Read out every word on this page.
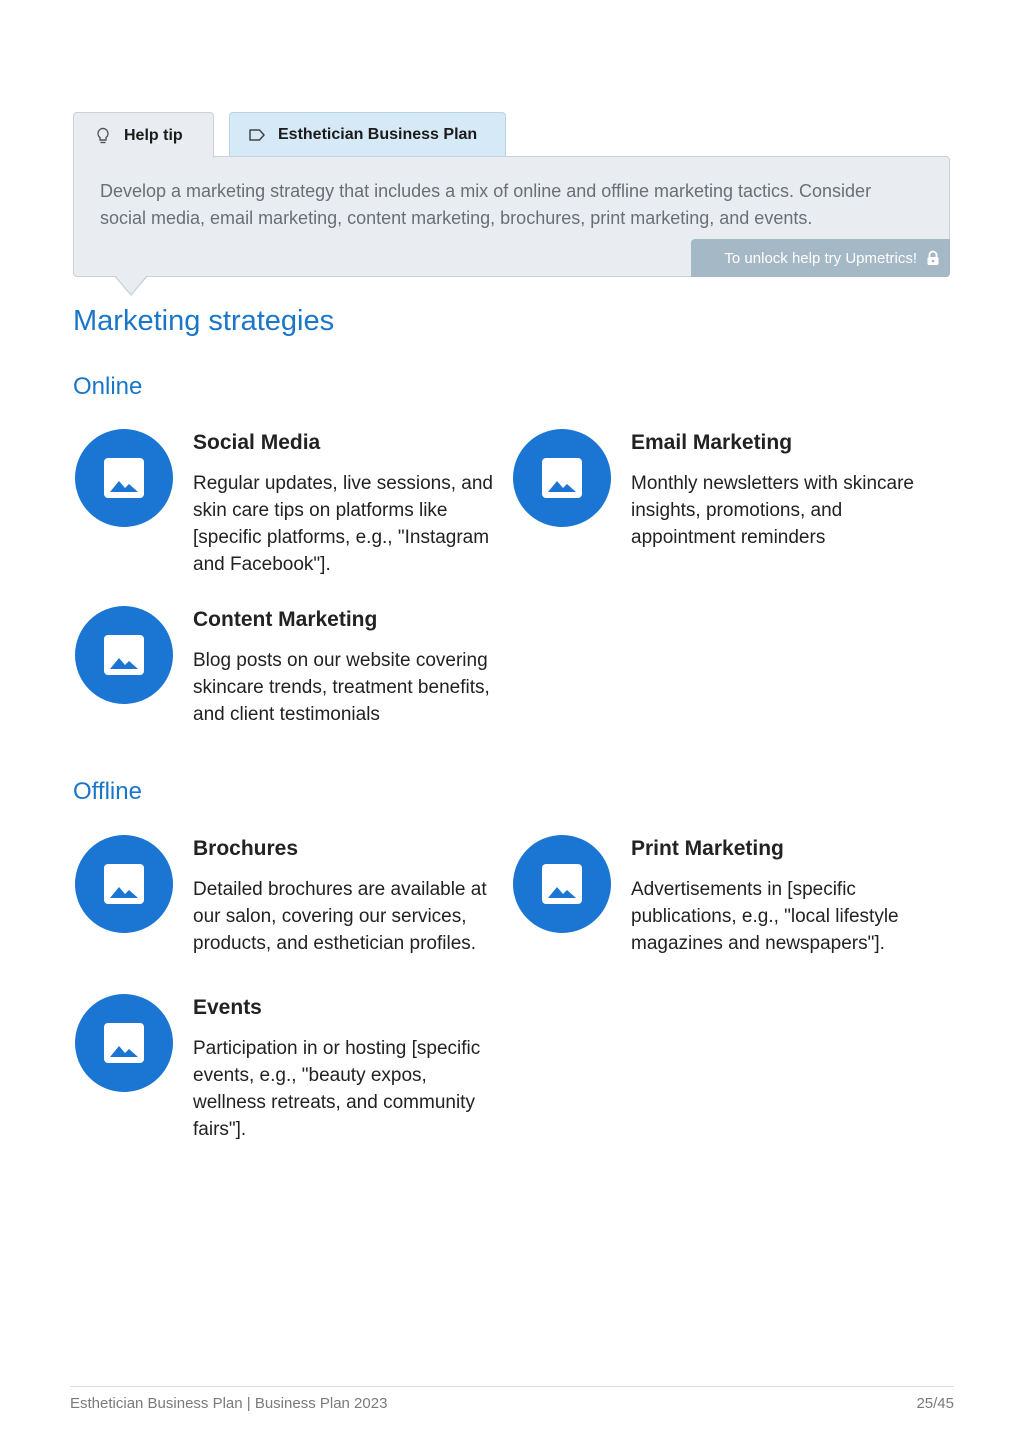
Help tip	Esthetician Business Plan
Develop a marketing strategy that includes a mix of online and offline marketing tactics. Consider social media, email marketing, content marketing, brochures, print marketing, and events.
To unlock help try Upmetrics!
Marketing strategies
Online
Social Media
Regular updates, live sessions, and skin care tips on platforms like [specific platforms, e.g., "Instagram and Facebook"].
Email Marketing
Monthly newsletters with skincare insights, promotions, and appointment reminders
Content Marketing
Blog posts on our website covering skincare trends, treatment benefits, and client testimonials
Offline
Brochures
Detailed brochures are available at our salon, covering our services, products, and esthetician profiles.
Print Marketing
Advertisements in [specific publications, e.g., "local lifestyle magazines and newspapers"].
Events
Participation in or hosting [specific events, e.g., "beauty expos, wellness retreats, and community fairs"].
Esthetician Business Plan | Business Plan 2023	25/45
